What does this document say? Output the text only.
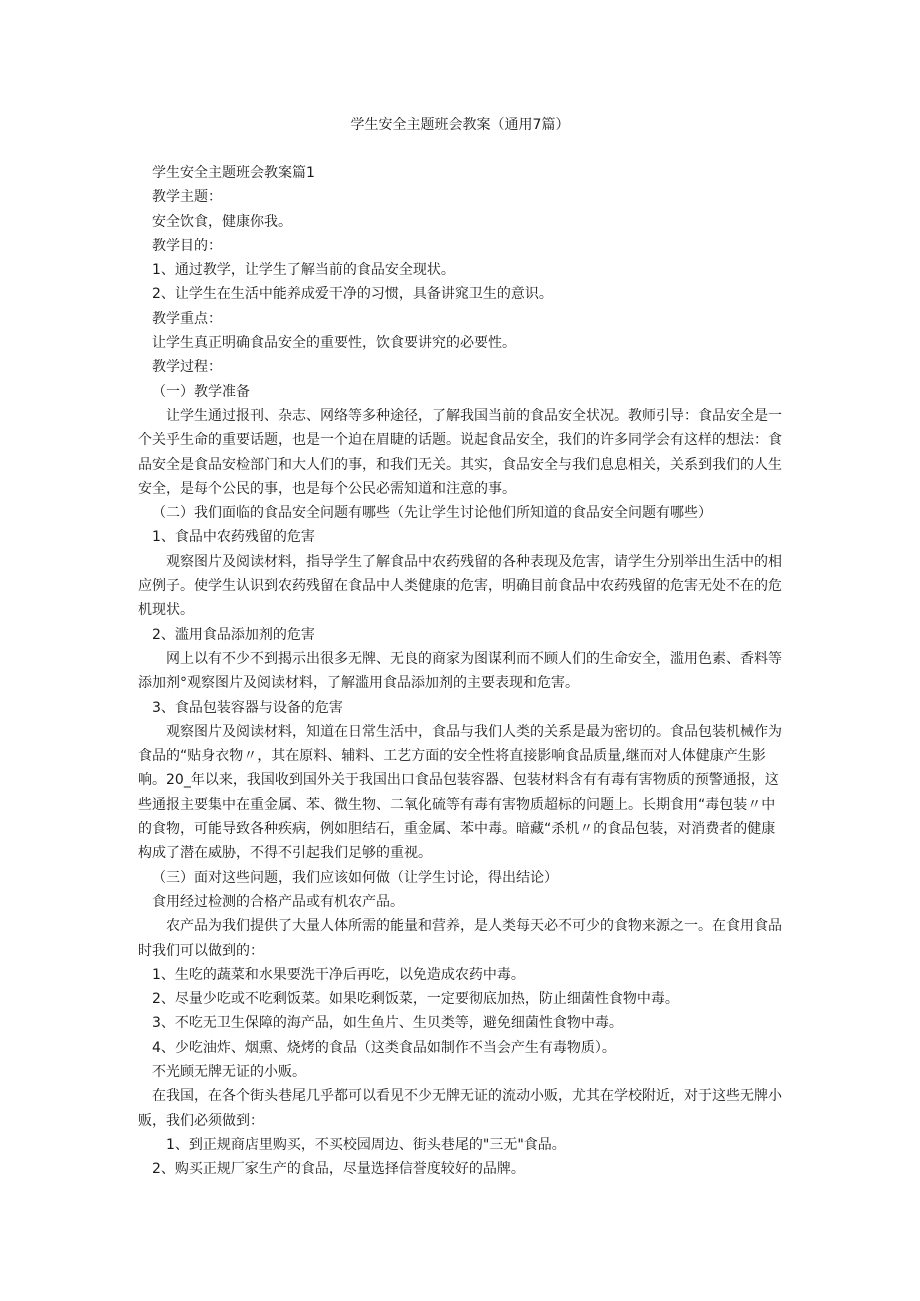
学生安全主题班会教案（通用7篇）

学生安全主题班会教案篇1

教学主题：

安全饮食，健康你我。

教学目的：

1、通过教学，让学生了解当前的食品安全现状。

2、让学生在生活中能养成爱干净的习惯，具备讲窕卫生的意识。

教学重点：

让学生真正明确食品安全的重要性，饮食要讲究的必要性。

教学过程：

（一）教学准备

让学生通过报刊、杂志、网络等多种途径，了解我国当前的食品安全状况。教师引导：食品安全是一个关乎生命的重要话题，也是一个迫在眉睫的话题。说起食品安全，我们的许多同学会有这样的想法：食品安全是食品安检部门和大人们的事，和我们无关。其实，食品安全与我们息息相关，关系到我们的人生安全，是每个公民的事，也是每个公民必需知道和注意的事。

（二）我们面临的食品安全问题有哪些（先让学生讨论他们所知道的食品安全问题有哪些）

1、食品中农药残留的危害

观察图片及阅读材料，指导学生了解食品中农药残留的各种表现及危害，请学生分别举出生活中的相应例子。使学生认识到农药残留在食品中人类健康的危害，明确目前食品中农药残留的危害无处不在的危机现状。

2、滥用食品添加剂的危害

网上以有不少不到揭示出很多无牌、无良的商家为图谋利而不顾人们的生命安全，滥用色素、香料等添加剂°观察图片及阅读材料，了解滥用食品添加剂的主要表现和危害。

3、食品包装容器与设备的危害

观察图片及阅读材料，知道在日常生活中，食品与我们人类的关系是最为密切的。食品包装机械作为食品的“贴身衣物〃，其在原料、辅料、工艺方面的安全性将直接影响食品质量,继而对人体健康产生影响。20_年以来，我国收到国外关于我国出口食品包装容器、包装材料含有有毒有害物质的预警通报，这些通报主要集中在重金属、苯、微生物、二氧化硫等有毒有害物质超标的问题上。长期食用“毒包装〃中的食物，可能导致各种疾病，例如胆结石，重金属、苯中毒。暗藏“杀机〃的食品包装，对消费者的健康构成了潜在威胁，不得不引起我们足够的重视。

（三）面对这些问题，我们应该如何做（让学生讨论，得出结论）

食用经过检测的合格产品或有机农产品。

农产品为我们提供了大量人体所需的能量和营养，是人类每天必不可少的食物来源之一。在食用食品时我们可以做到的：

1、生吃的蔬菜和水果要洗干净后再吃，以免造成农药中毒。

2、尽量少吃或不吃剩饭菜。如果吃剩饭菜，一定要彻底加热，防止细菌性食物中毒。

3、不吃无卫生保障的海产品，如生鱼片、生贝类等，避免细菌性食物中毒。

4、少吃油炸、烟熏、烧烤的食品（这类食品如制作不当会产生有毒物质）。

不光顾无牌无证的小贩。

在我国，在各个街头巷尾几乎都可以看见不少无牌无证的流动小贩，尤其在学校附近，对于这些无牌小贩，我们必须做到：

1、到正规商店里购买，不买校园周边、街头巷尾的"三无"食品。

2、购买正规厂家生产的食品，尽量选择信誉度较好的品牌。
